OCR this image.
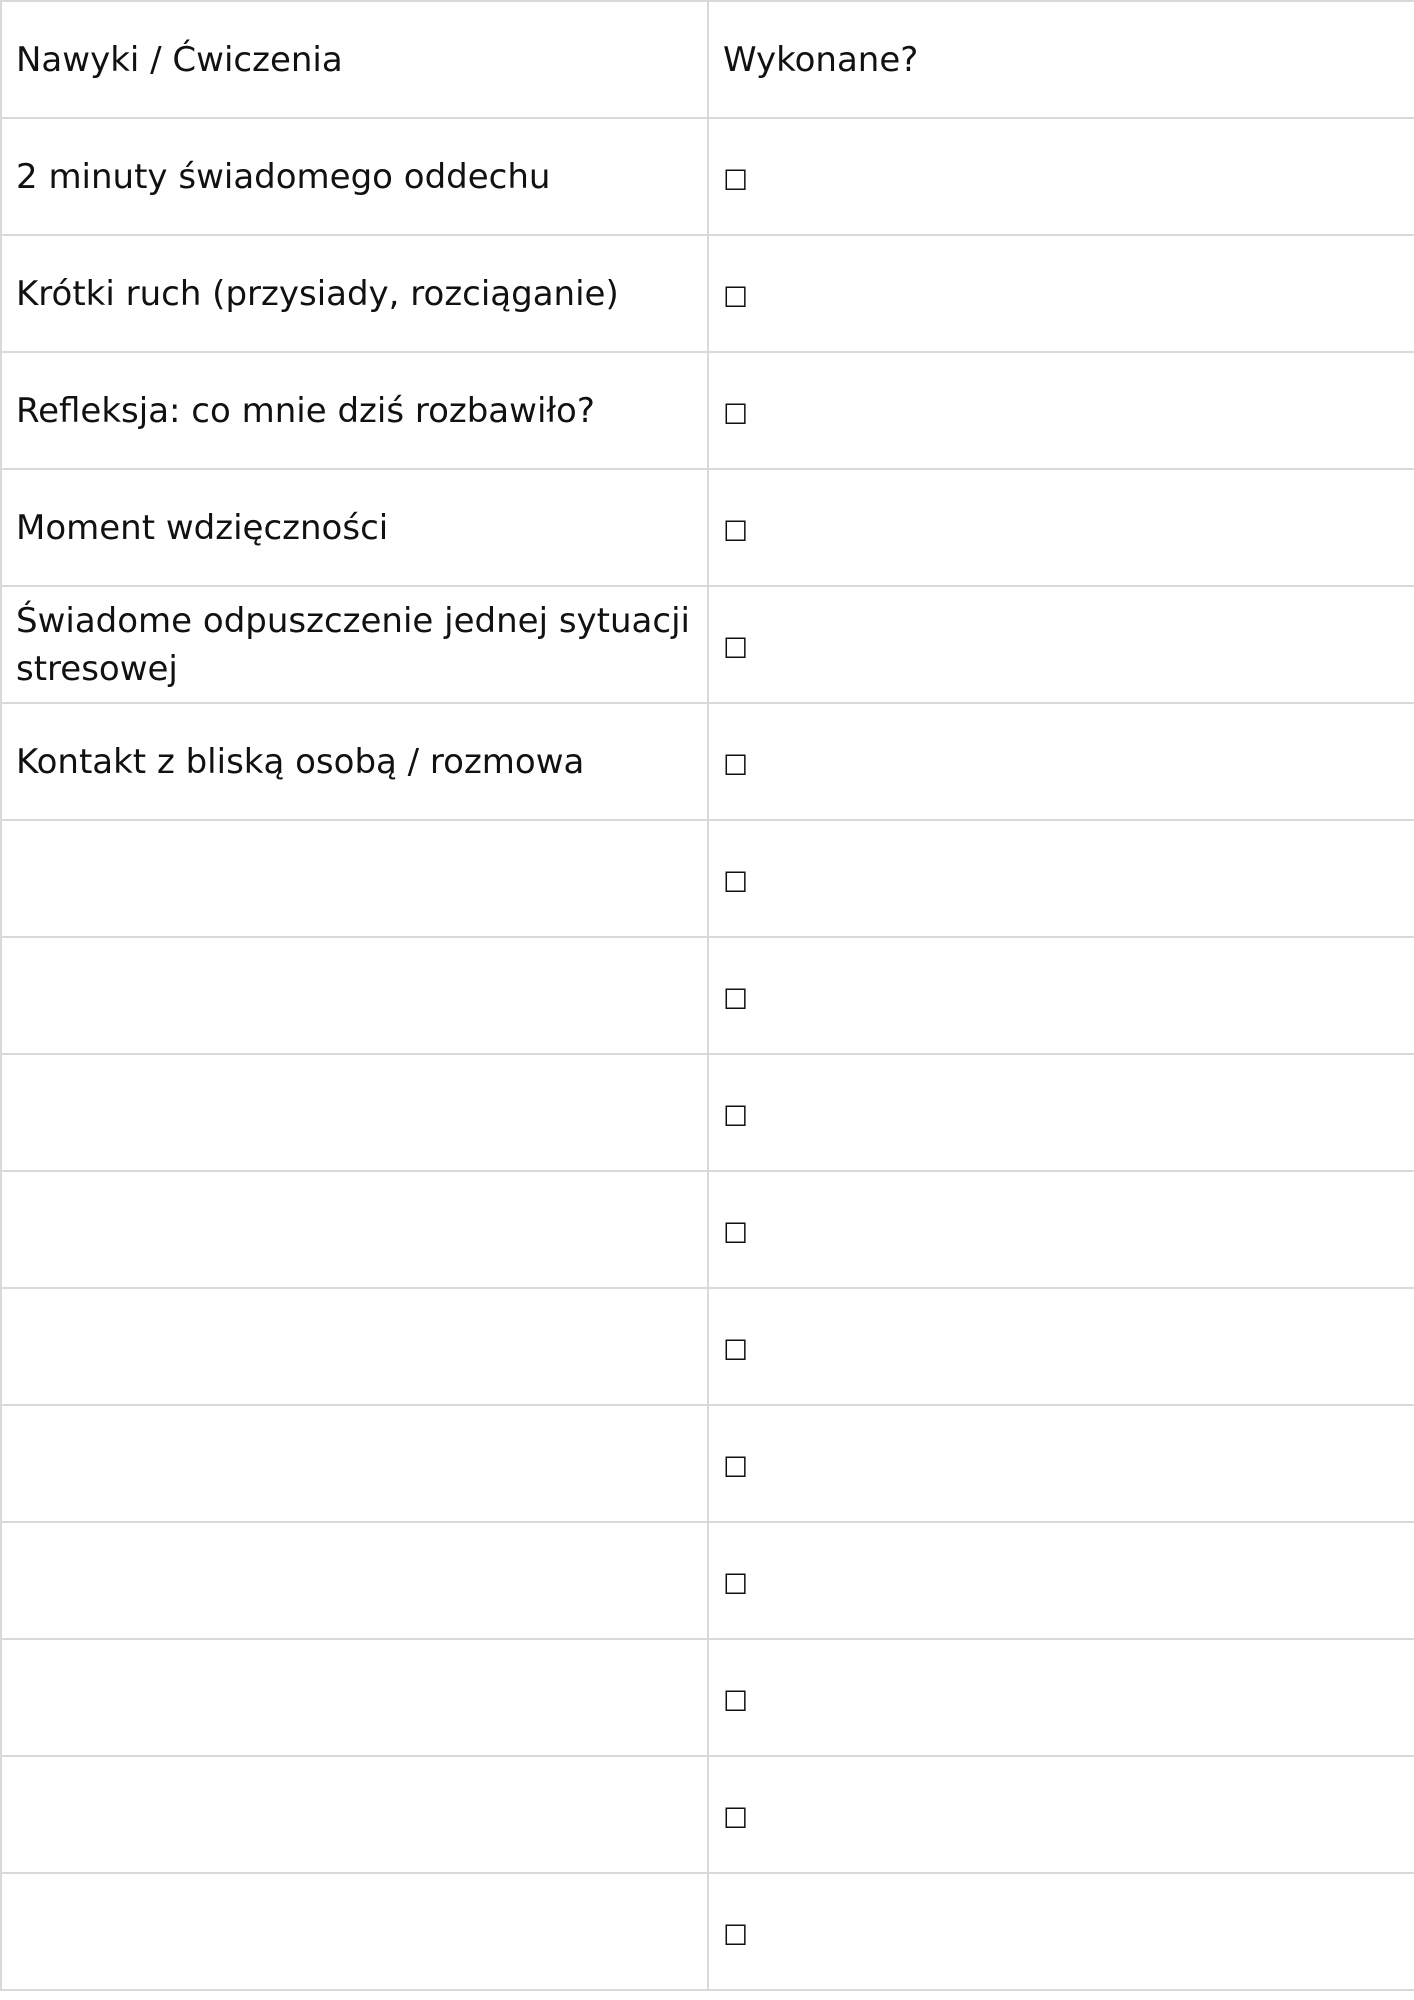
Nawyki / Ćwiczenia	Wykonane?
2 minuty świadomego oddechu	☐
Krótki ruch (przysiady, rozciąganie)	☐
Refleksja: co mnie dziś rozbawiło?	☐
Moment wdzięczności	☐
Świadome odpuszczenie jednej sytuacji stresowej	☐
Kontakt z bliską osobą / rozmowa	☐
	☐
	☐
	☐
	☐
	☐
	☐
	☐
	☐
	☐
	☐
